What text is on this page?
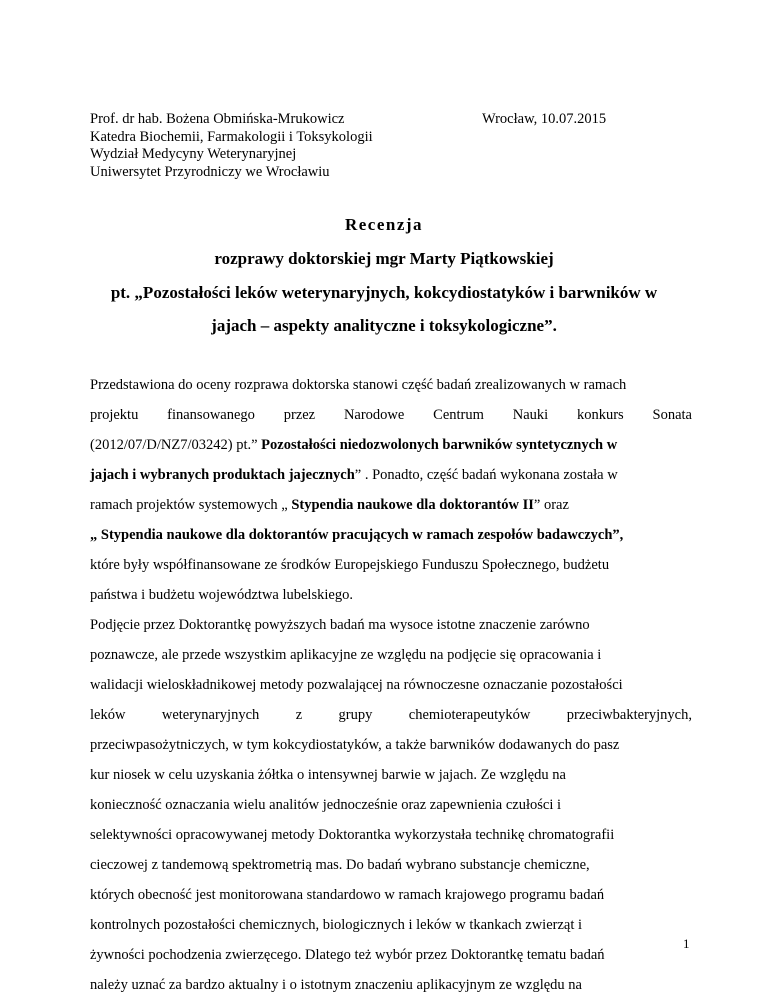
Prof. dr hab. Bożena Obmińska-Mrukowicz
Katedra Biochemii, Farmakologii i Toksykologii
Wydział Medycyny Weterynaryjnej
Uniwersytet Przyrodniczy we Wrocławiu
Wrocław, 10.07.2015
Recenzja
rozprawy doktorskiej mgr Marty Piątkowskiej
pt. „Pozostałości leków weterynaryjnych, kokcydiostatyków i barwników w
jajach – aspekty analityczne i toksykologiczne”.
Przedstawiona do oceny rozprawa doktorska stanowi część badań zrealizowanych w ramach
projektu finansowanego przez Narodowe Centrum Nauki konkurs Sonata
(2012/07/D/NZ7/03242) pt.” Pozostałości niedozwolonych barwników syntetycznych w
jajach i wybranych produktach jajecznych” . Ponadto, część badań wykonana została w
ramach projektów systemowych „ Stypendia naukowe dla doktorantów II” oraz
„ Stypendia naukowe dla doktorantów pracujących w ramach zespołów badawczych”,
które były współfinansowane ze środków Europejskiego Funduszu Społecznego, budżetu
państwa i budżetu województwa lubelskiego.
Podjęcie przez Doktorantkę powyższych badań ma wysoce istotne znaczenie zarówno
poznawcze, ale przede wszystkim aplikacyjne ze względu na podjęcie się opracowania i
walidacji wieloskładnikowej metody pozwalającej na równoczesne oznaczanie pozostałości
leków	weterynaryjnych	z	grupy	chemioterapeutyków	przeciwbakteryjnych,
przeciwpasożytniczych, w tym kokcydiostatyków, a także barwników dodawanych do pasz
kur niosek w celu uzyskania żółtka o intensywnej barwie w jajach. Ze względu na
konieczność oznaczania wielu analitów jednocześnie oraz zapewnienia czułości i
selektywności opracowywanej metody Doktorantka wykorzystała technikę chromatografii
cieczowej z tandemową spektrometrią mas. Do badań wybrano substancje chemiczne,
których obecność jest monitorowana standardowo w ramach krajowego programu badań
kontrolnych pozostałości chemicznych, biologicznych i leków w tkankach zwierząt i
żywności pochodzenia zwierzęcego. Dlatego też wybór przez Doktorantkę tematu badań
należy uznać za bardzo aktualny i o istotnym znaczeniu aplikacyjnym ze względu na
1
